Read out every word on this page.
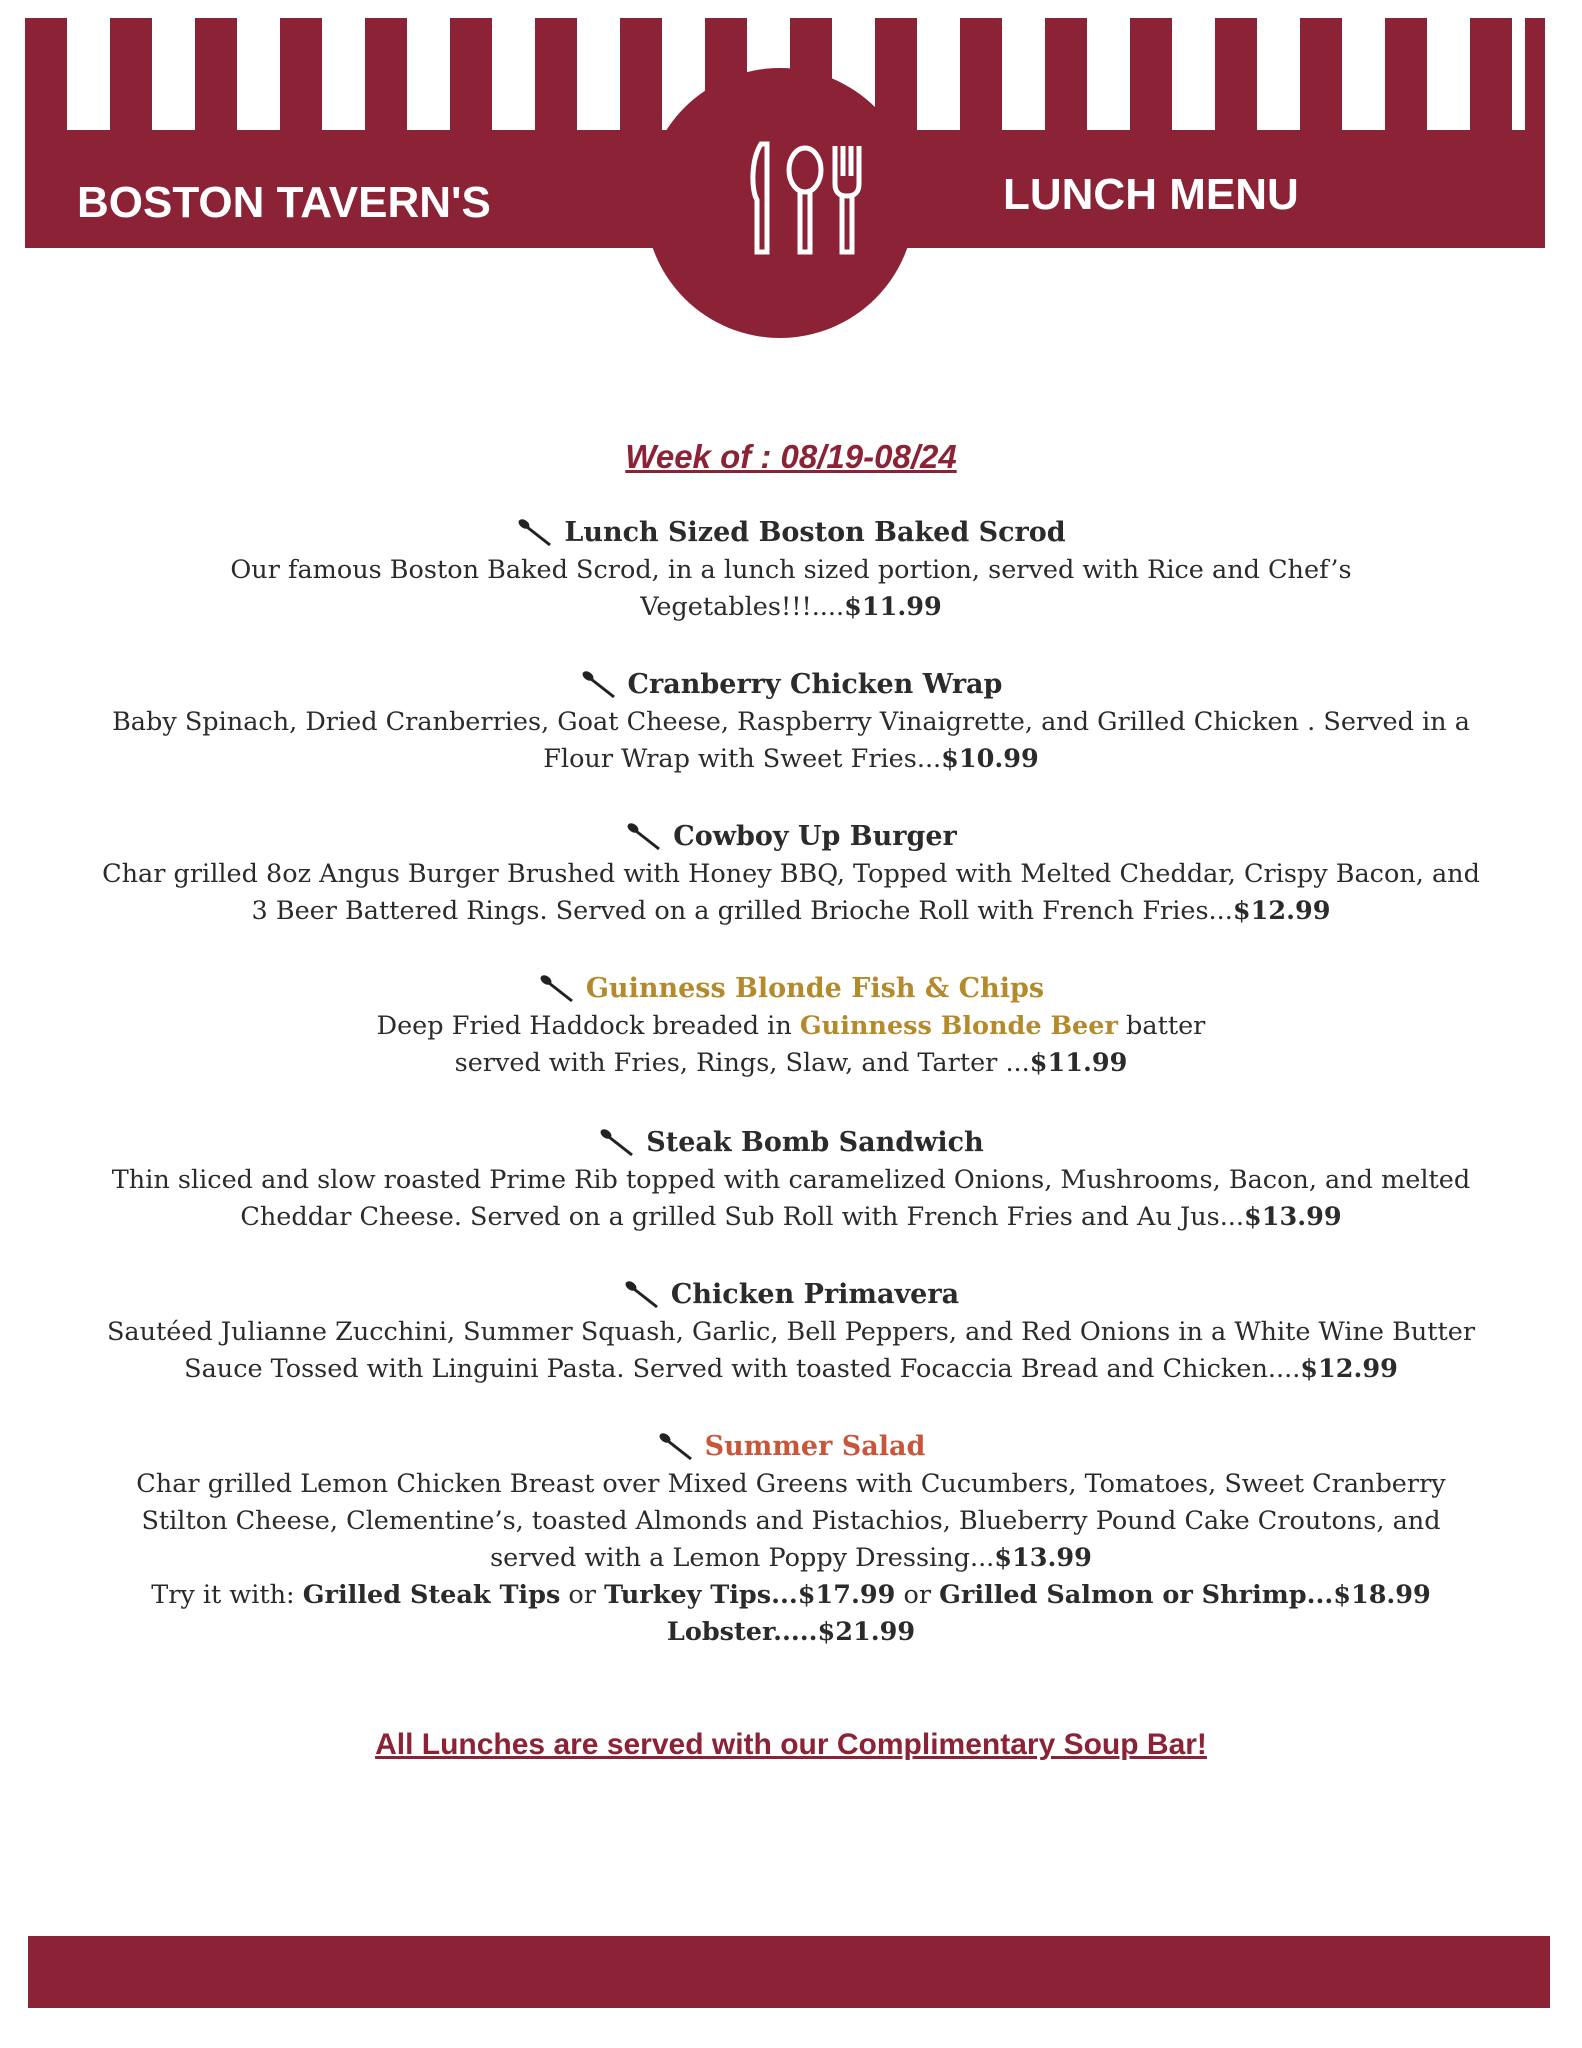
BOSTON TAVERN'S	LUNCH MENU
Week of : 08/19-08/24
Lunch Sized Boston Baked Scrod
Our famous Boston Baked Scrod, in a lunch sized portion, served with Rice and Chef’s
Vegetables!!!....$11.99
Cranberry Chicken Wrap
Baby Spinach, Dried Cranberries, Goat Cheese, Raspberry Vinaigrette, and Grilled Chicken . Served in a
Flour Wrap with Sweet Fries...$10.99
Cowboy Up Burger
Char grilled 8oz Angus Burger Brushed with Honey BBQ, Topped with Melted Cheddar, Crispy Bacon, and
3 Beer Battered Rings. Served on a grilled Brioche Roll with French Fries...$12.99
Guinness Blonde Fish & Chips
Deep Fried Haddock breaded in Guinness Blonde Beer batter
served with Fries, Rings, Slaw, and Tarter ...$11.99
Steak Bomb Sandwich
Thin sliced and slow roasted Prime Rib topped with caramelized Onions, Mushrooms, Bacon, and melted
Cheddar Cheese. Served on a grilled Sub Roll with French Fries and Au Jus...$13.99
Chicken Primavera
Sautéed Julianne Zucchini, Summer Squash, Garlic, Bell Peppers, and Red Onions in a White Wine Butter
Sauce Tossed with Linguini Pasta. Served with toasted Focaccia Bread and Chicken....$12.99
Summer Salad
Char grilled Lemon Chicken Breast over Mixed Greens with Cucumbers, Tomatoes, Sweet Cranberry
Stilton Cheese, Clementine’s, toasted Almonds and Pistachios, Blueberry Pound Cake Croutons, and
served with a Lemon Poppy Dressing...$13.99
Try it with: Grilled Steak Tips or Turkey Tips...$17.99 or Grilled Salmon or Shrimp...$18.99
Lobster.....$21.99
All Lunches are served with our Complimentary Soup Bar!
